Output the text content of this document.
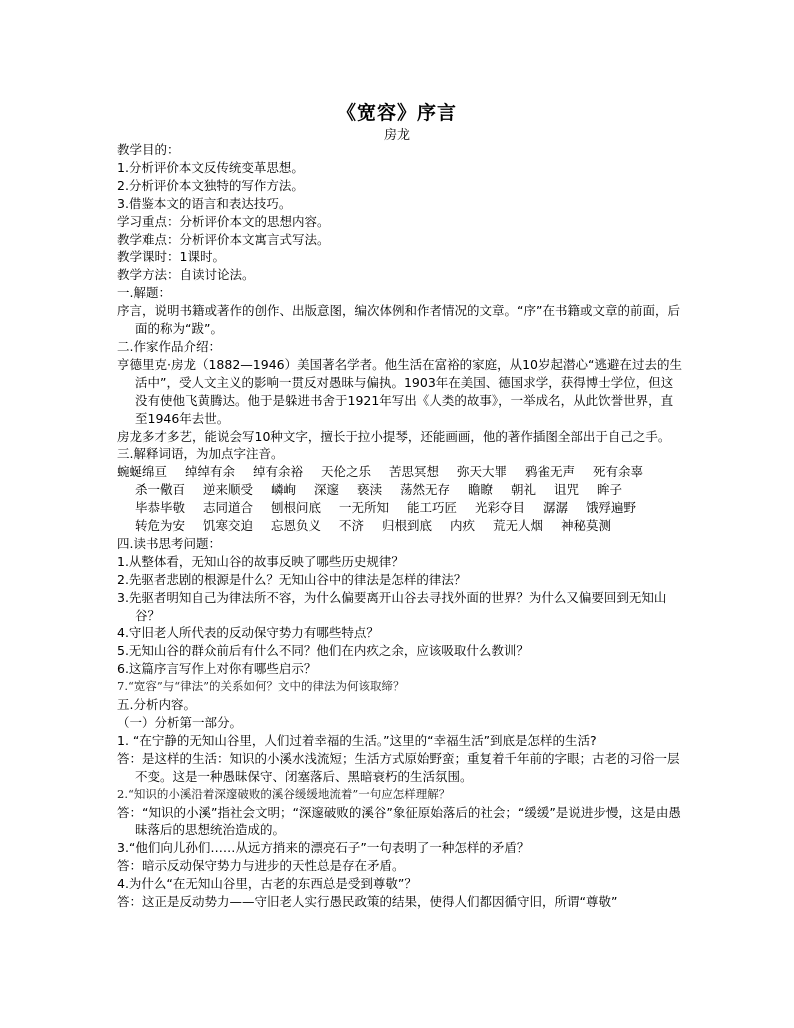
《宽容》序言
房龙

教学目的：

1.分析评价本文反传统变革思想。

2.分析评价本文独特的写作方法。

3.借鉴本文的语言和表达技巧。

学习重点：分析评价本文的思想内容。

教学难点：分析评价本文寓言式写法。

教学课时：1课时。

教学方法：自读讨论法。

一.解题：

序言，说明书籍或著作的创作、出版意图，编次体例和作者情况的文章。“序”在书籍或文章的前面，后面的称为“跋”。

二.作家作品介绍：

亨德里克·房龙（1882—1946）美国著名学者。他生活在富裕的家庭，从10岁起潜心“逃避在过去的生活中”，受人文主义的影响一贯反对愚昧与偏执。1903年在美国、德国求学，获得博士学位，但这没有使他飞黄腾达。他于是躲进书舍于1921年写出《人类的故事》，一举成名，从此饮誉世界，直至1946年去世。

房龙多才多艺，能说会写10种文字，擅长于拉小提琴，还能画画，他的著作插图全部出于自己之手。

三.解释词语，为加点字注音。

蜿蜒绵亘 绰绰有余 绰有余裕 天伦之乐 苦思冥想 弥天大罪 鸦雀无声 死有余辜 杀一儆百 逆来顺受 嶙峋 深邃 亵渎 荡然无存 瞻瞭 朝礼 诅咒 眸子 毕恭毕敬 志同道合 刨根问底 一无所知 能工巧匠 光彩夺目 潺潺 饿殍遍野 转危为安 饥寒交迫 忘恩负义 不济 归根到底 内疚 荒无人烟 神秘莫测

四.读书思考问题：

1.从整体看，无知山谷的故事反映了哪些历史规律？

2.先驱者悲剧的根源是什么？无知山谷中的律法是怎样的律法？

3.先驱者明知自己为律法所不容，为什么偏要离开山谷去寻找外面的世界？为什么又偏要回到无知山谷？

4.守旧老人所代表的反动保守势力有哪些特点？

5.无知山谷的群众前后有什么不同？他们在内疚之余，应该吸取什么教训？

6.这篇序言写作上对你有哪些启示？

7.“宽容”与“律法”的关系如何？文中的律法为何该取缔？

五.分析内容。

（一）分析第一部分。

1. “在宁静的无知山谷里，人们过着幸福的生活。”这里的“幸福生活”到底是怎样的生活?

答：是这样的生活：知识的小溪水浅流短；生活方式原始野蛮；重复着千年前的字眼；古老的习俗一层不变。这是一种愚昧保守、闭塞落后、黑暗衰朽的生活氛围。

2.“知识的小溪沿着深邃破败的溪谷缓缓地流着”一句应怎样理解？

答：“知识的小溪”指社会文明；“深邃破败的溪谷”象征原始落后的社会；“缓缓”是说进步慢，这是由愚昧落后的思想统治造成的。

3.“他们向儿孙们……从远方捎来的漂亮石子”一句表明了一种怎样的矛盾？

答：暗示反动保守势力与进步的天性总是存在矛盾。

4.为什么“在无知山谷里，古老的东西总是受到尊敬”？

答：这正是反动势力——守旧老人实行愚民政策的结果，使得人们都因循守旧，所谓“尊敬”
